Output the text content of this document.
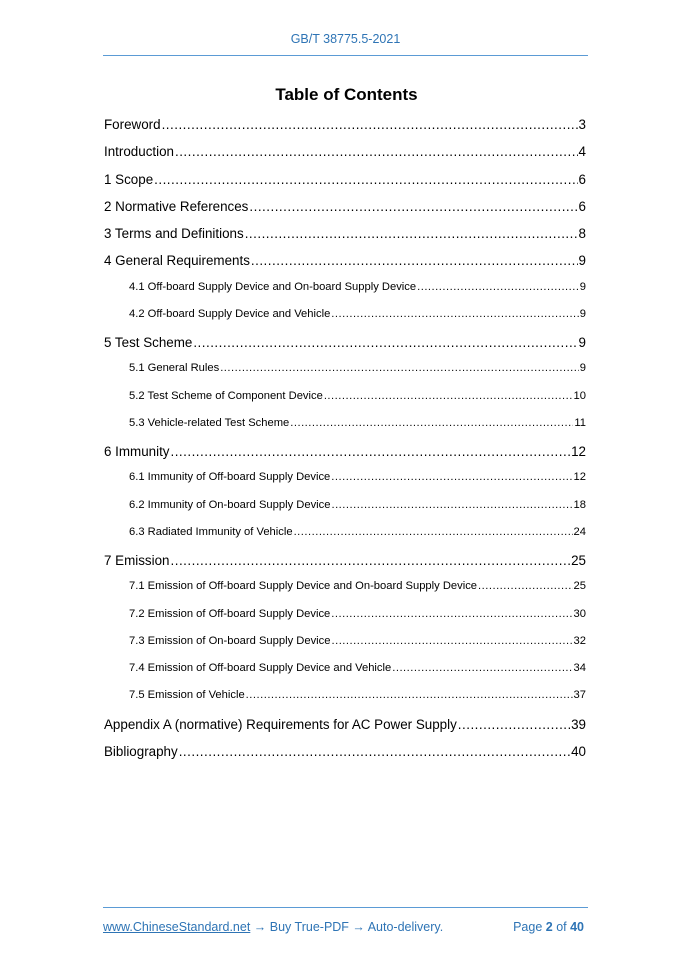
GB/T 38775.5-2021
Table of Contents
Foreword .....	3
Introduction .....	4
1 Scope .....	6
2 Normative References .....	6
3 Terms and Definitions .....	8
4 General Requirements .....	9
4.1 Off-board Supply Device and On-board Supply Device .....	9
4.2 Off-board Supply Device and Vehicle .....	9
5 Test Scheme .....	9
5.1 General Rules .....	9
5.2 Test Scheme of Component Device .....	10
5.3 Vehicle-related Test Scheme .....	11
6 Immunity .....	12
6.1 Immunity of Off-board Supply Device .....	12
6.2 Immunity of On-board Supply Device .....	18
6.3 Radiated Immunity of Vehicle .....	24
7 Emission .....	25
7.1 Emission of Off-board Supply Device and On-board Supply Device .....	25
7.2 Emission of Off-board Supply Device .....	30
7.3 Emission of On-board Supply Device .....	32
7.4 Emission of Off-board Supply Device and Vehicle .....	34
7.5 Emission of Vehicle .....	37
Appendix A (normative) Requirements for AC Power Supply .....	39
Bibliography .....	40
www.ChineseStandard.net → Buy True-PDF → Auto-delivery.	Page 2 of 40
